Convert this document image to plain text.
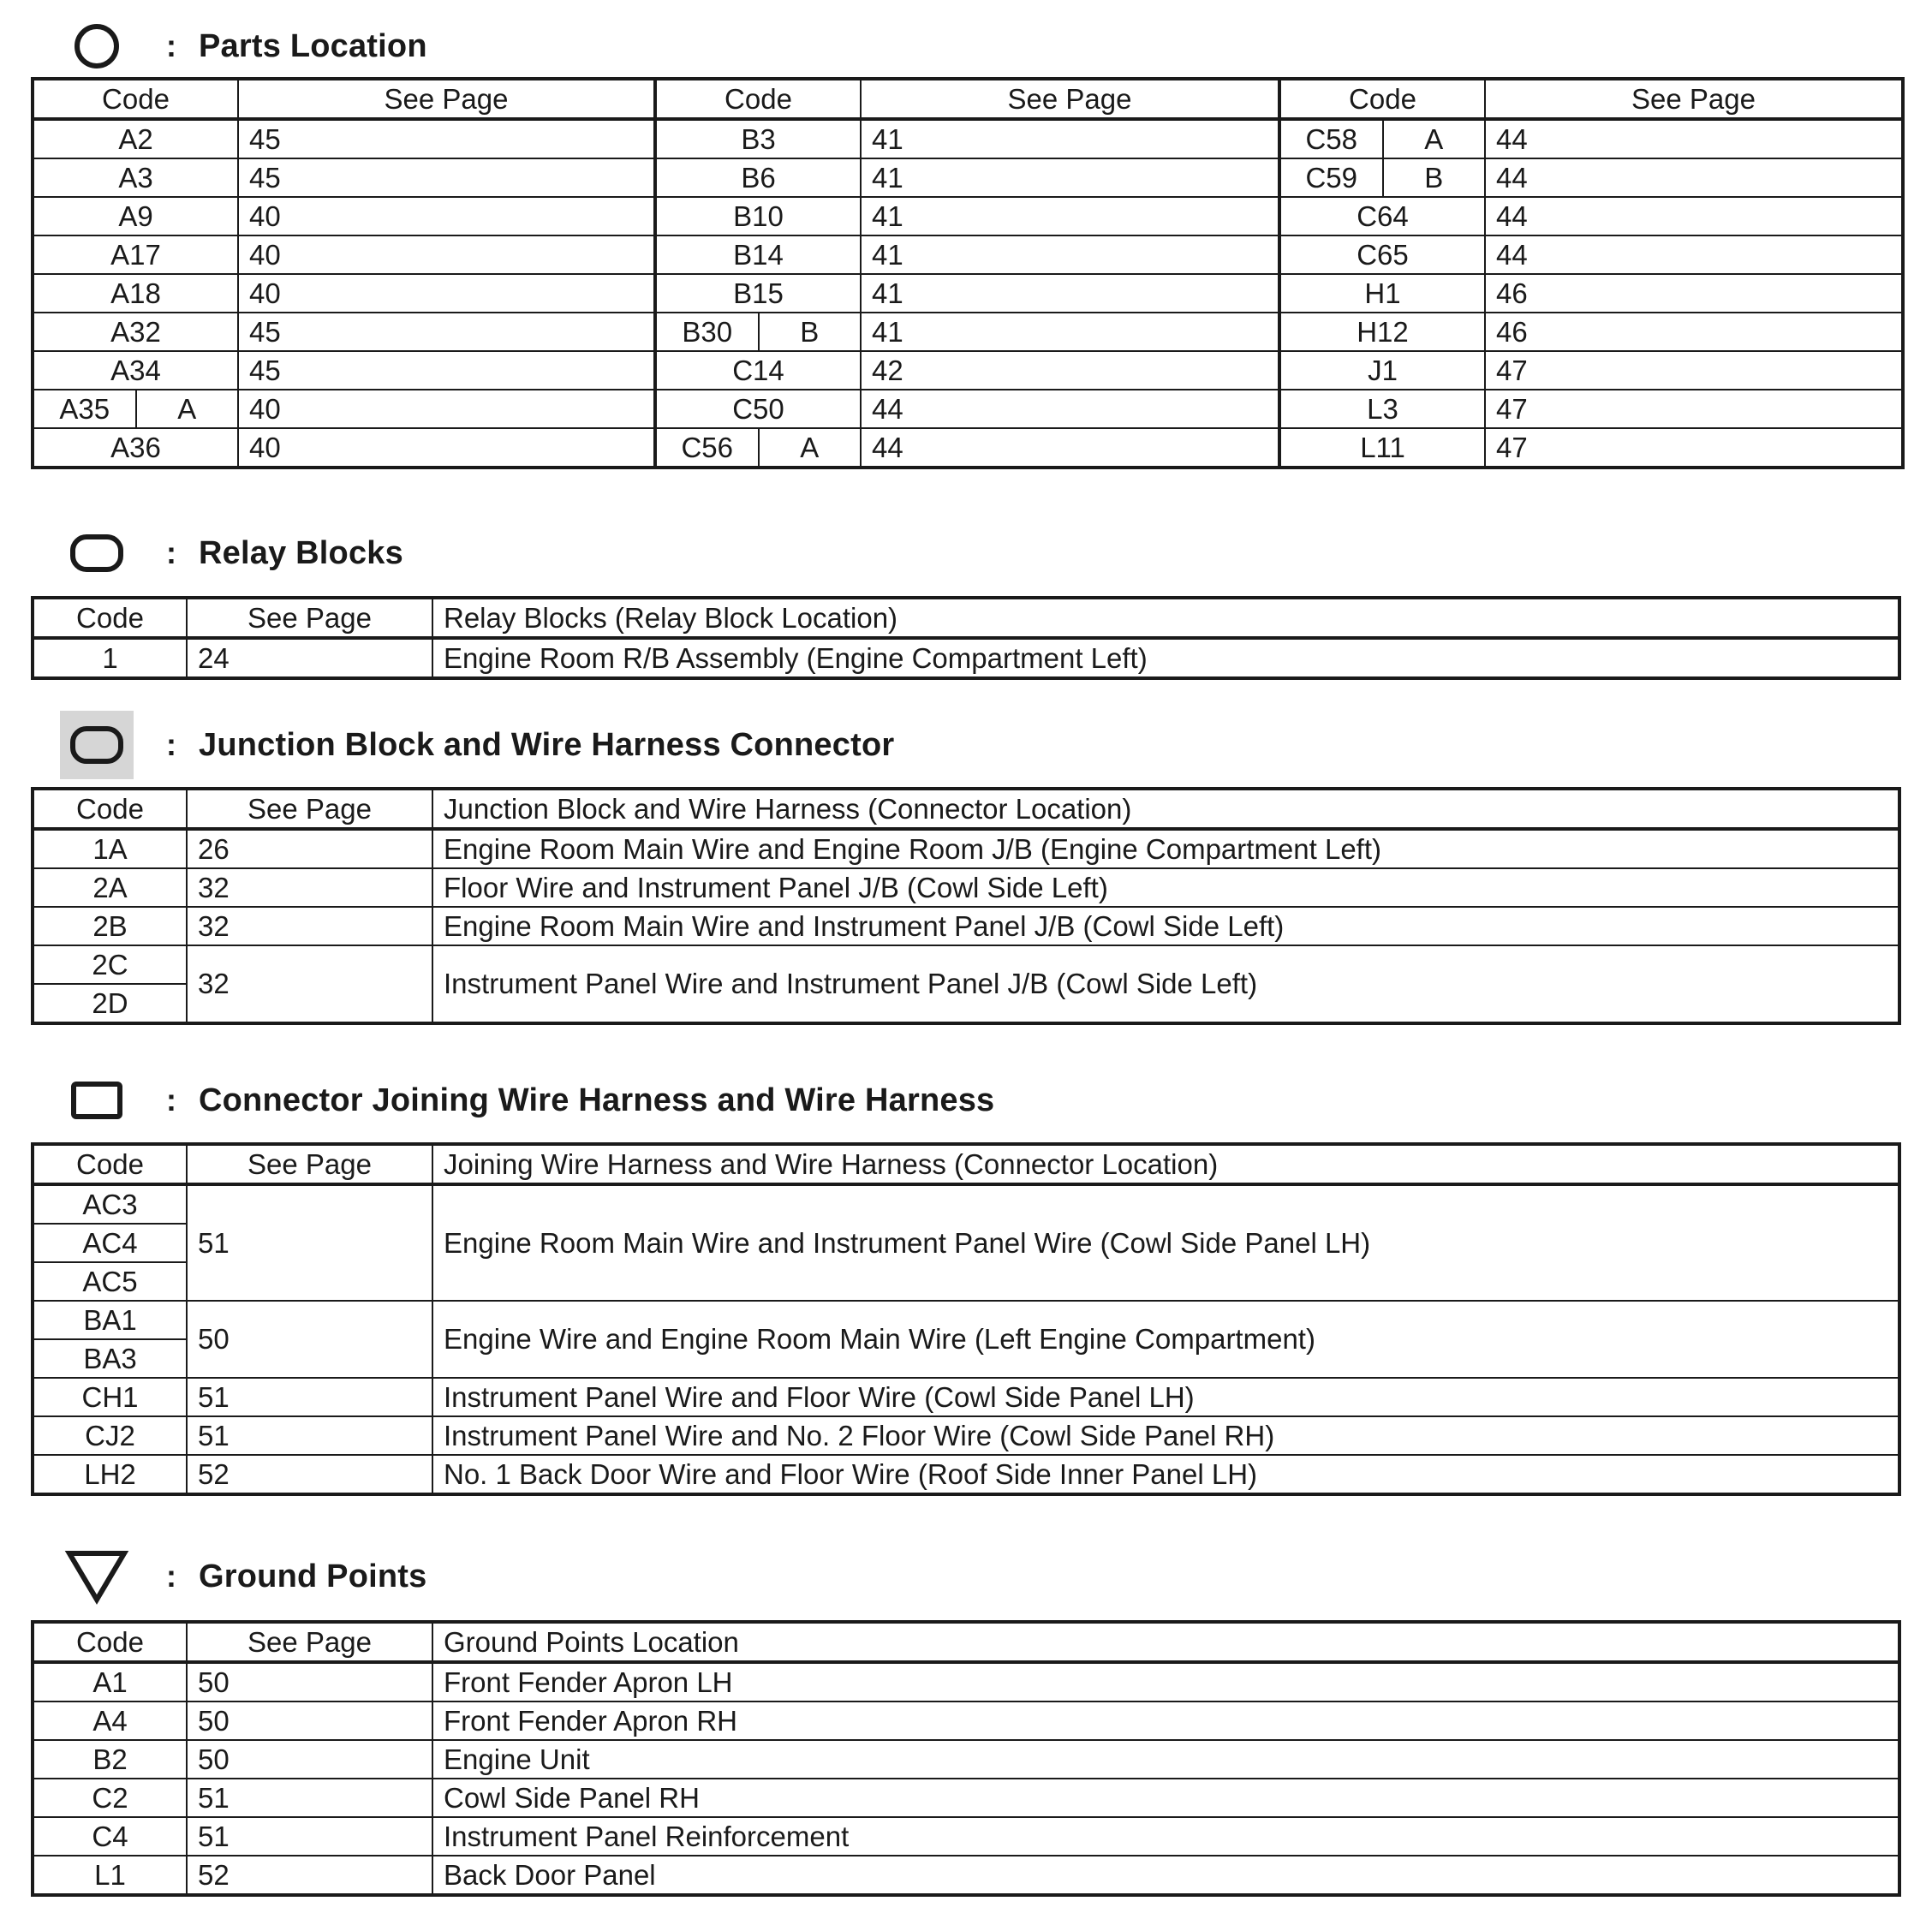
: Parts Location
Code	See Page	Code	See Page	Code	See Page
A2	45	B3	41	C58 A	44
A3	45	B6	41	C59 B	44
A9	40	B10	41	C64	44
A17	40	B14	41	C65	44
A18	40	B15	41	H1	46
A32	45	B30 B	41	H12	46
A34	45	C14	42	J1	47

A35 A	40	C50	44	L3	47
A36	40	C56 A	44	L11	47
: Relay Blocks
Code	See Page	Relay Blocks (Relay Block Location)
1	24	Engine Room R/B Assembly (Engine Compartment Left)
: Junction Block and Wire Harness Connector
Code	See Page	Junction Block and Wire Harness (Connector Location)
1A	26	Engine Room Main Wire and Engine Room J/B (Engine Compartment Left)
2A	32	Floor Wire and Instrument Panel J/B (Cowl Side Left)
2B	32	Engine Room Main Wire and Instrument Panel J/B (Cowl Side Left)
2C	32	Instrument Panel Wire and Instrument Panel J/B (Cowl Side Left)
2D		
: Connector Joining Wire Harness and Wire Harness
Code	See Page	Joining Wire Harness and Wire Harness (Connector Location)
AC3	51	Engine Room Main Wire and Instrument Panel Wire (Cowl Side Panel LH)
AC4		
AC5		
BA1	50	Engine Wire and Engine Room Main Wire (Left Engine Compartment)
BA3		
CH1	51	Instrument Panel Wire and Floor Wire (Cowl Side Panel LH)
CJ2	51	Instrument Panel Wire and No. 2 Floor Wire (Cowl Side Panel RH)
LH2	52	No. 1 Back Door Wire and Floor Wire (Roof Side Inner Panel LH)
: Ground Points
Code	See Page	Ground Points Location
A1	50	Front Fender Apron LH
A4	50	Front Fender Apron RH
B2	50	Engine Unit
C2	51	Cowl Side Panel RH
C4	51	Instrument Panel Reinforcement
L1	52	Back Door Panel
